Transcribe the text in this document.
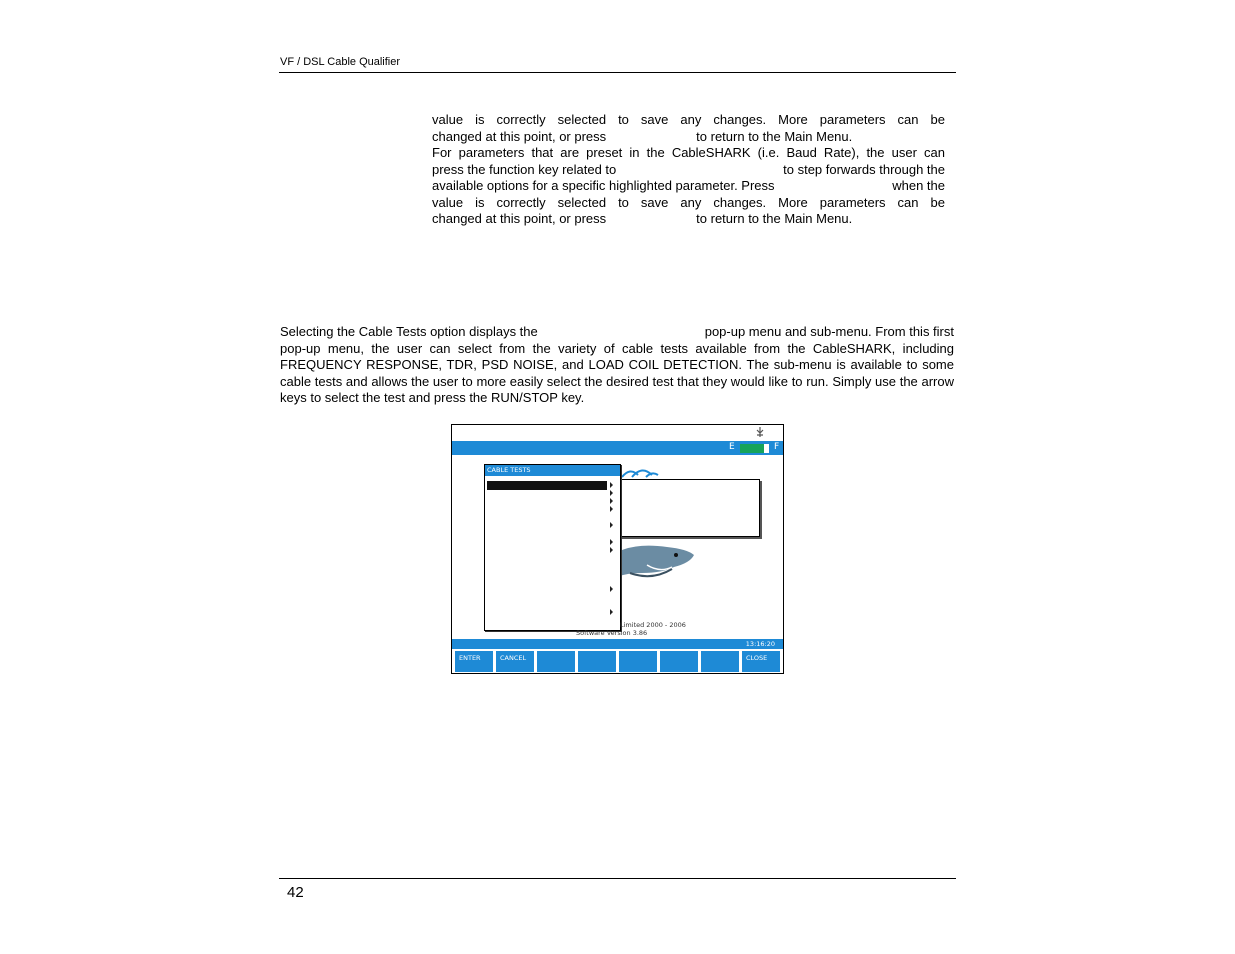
VF / DSL Cable Qualifier
value is correctly selected to save any changes. More parameters can be
changed at this point, or press	to return to the Main Menu.
For parameters that are preset in the CableSHARK (i.e. Baud Rate), the user can
press the function key related to	to step forwards through the
available options for a specific highlighted parameter. Press	when the
value is correctly selected to save any changes. More parameters can be
changed at this point, or press	to return to the Main Menu.
Selecting the Cable Tests option displays the	pop-up menu and sub-menu. From this first
pop-up menu, the user can select from the variety of cable tests available from the CableSHARK, including FREQUENCY RESPONSE, TDR, PSD NOISE, and LOAD COIL DETECTION. The sub-menu is available to some cable tests and allows the user to more easily select the desired test that they would like to run. Simply use the arrow keys to select the test and press the RUN/STOP key.
E	F
CABLE TESTS
Limited 2000 - 2006
Software Version 3.86
13:16:20
ENTER	CANCEL	CLOSE
42
